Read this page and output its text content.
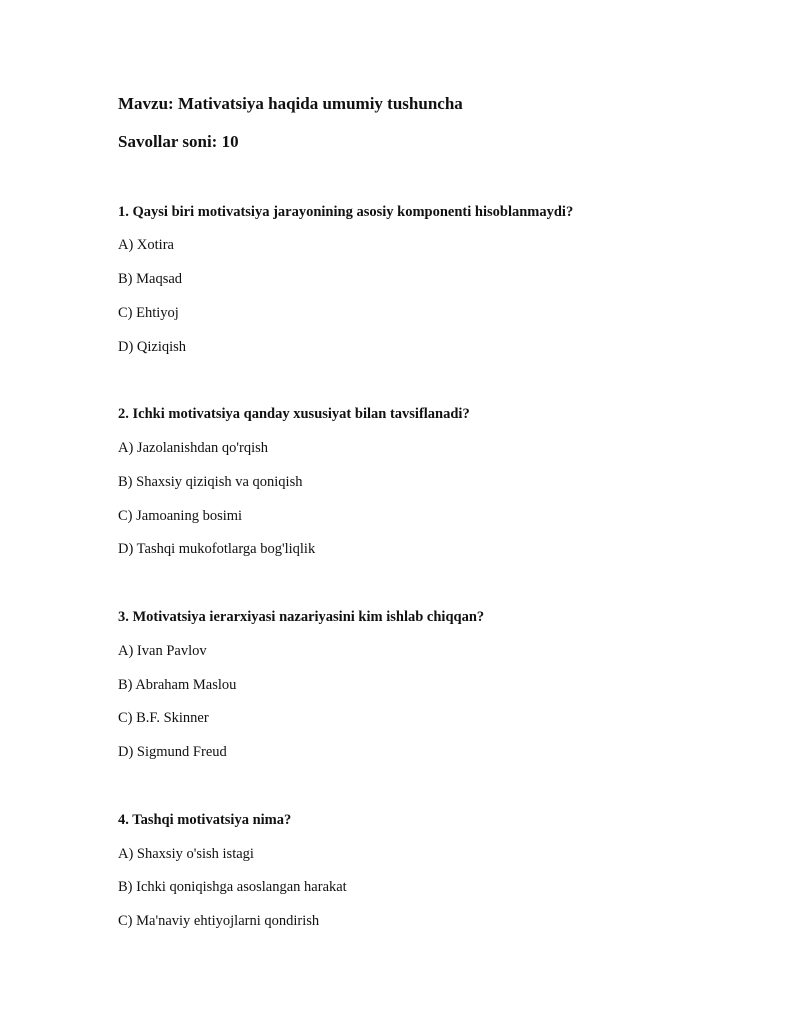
Mavzu: Mativatsiya haqida umumiy tushuncha
Savollar soni: 10
1. Qaysi biri motivatsiya jarayonining asosiy komponenti hisoblanmaydi?
A) Xotira
B) Maqsad
C) Ehtiyoj
D) Qiziqish
2. Ichki motivatsiya qanday xususiyat bilan tavsiflanadi?
A) Jazolanishdan qo'rqish
B) Shaxsiy qiziqish va qoniqish
C) Jamoaning bosimi
D) Tashqi mukofotlarga bog'liqlik
3. Motivatsiya ierarxiyasi nazariyasini kim ishlab chiqqan?
A) Ivan Pavlov
B) Abraham Maslou
C) B.F. Skinner
D) Sigmund Freud
4. Tashqi motivatsiya nima?
A) Shaxsiy o'sish istagi
B) Ichki qoniqishga asoslangan harakat
C) Ma'naviy ehtiyojlarni qondirish
